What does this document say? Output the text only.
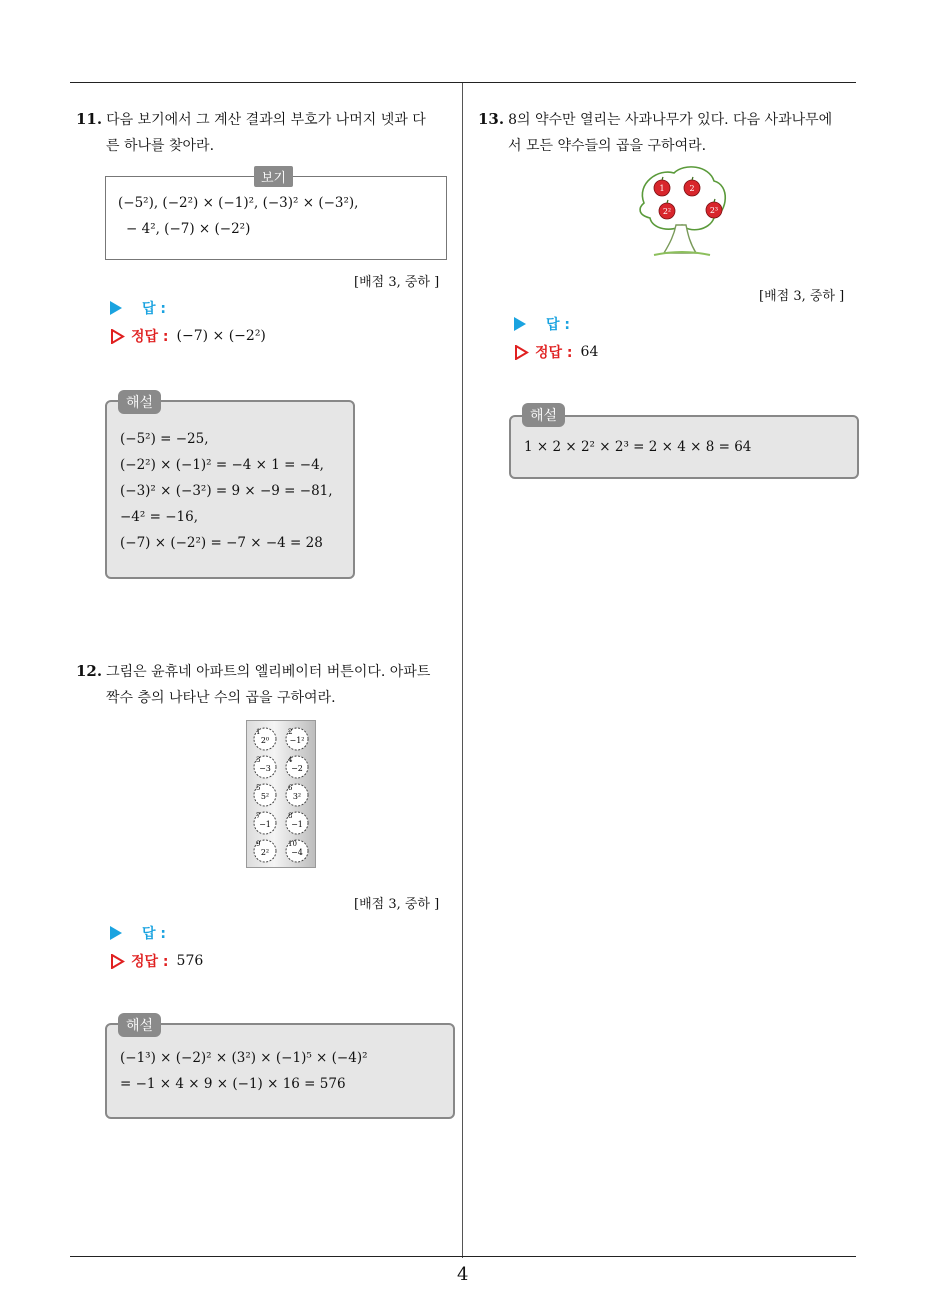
4
11. 다음 보기에서 그 계산 결과의 부호가 나머지 넷과 다
른 하나를 찾아라.
(−5²), (−2²) × (−1)², (−3)² × (−3²),
− 4², (−7) × (−2²)
보기
[배점 3, 중하 ]
답 :
정답 : (−7) × (−2²)
(−5²) = −25,
(−2²) × (−1)² = −4 × 1 = −4,
(−3)² × (−3²) = 9 × −9 = −81,
−4² = −16,
(−7) × (−2²) = −7 × −4 = 28
해설
12. 그림은 윤휴네 아파트의 엘리베이터 버튼이다. 아파트
짝수 층의 나타난 수의 곱을 구하여라.
1
2⁰
2
−1²
3
−3
4
−2
5
5²
6
3²
7
−1
8
−1
9
2²
10
−4
[배점 3, 중하 ]
답 :
정답 : 576
(−1³) × (−2)² × (3²) × (−1)⁵ × (−4)²
= −1 × 4 × 9 × (−1) × 16 = 576
해설
13. 8의 약수만 열리는 사과나무가 있다. 다음 사과나무에
서 모든 약수들의 곱을 구하여라.
1	2
2²	2³
[배점 3, 중하 ]
답 :
정답 : 64
1 × 2 × 2² × 2³ = 2 × 4 × 8 = 64
해설
